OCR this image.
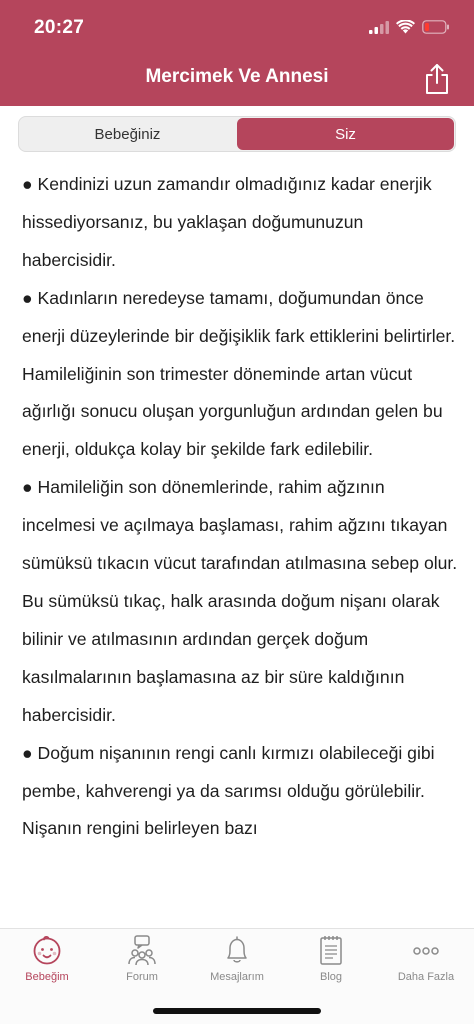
20:27
Mercimek Ve Annesi
Bebeğiniz	Siz

● Kendinizi uzun zamandır olmadığınız kadar enerjik hissediyorsanız, bu yaklaşan doğumunuzun habercisidir.

● Kadınların neredeyse tamamı, doğumundan önce enerji düzeylerinde bir değişiklik fark ettiklerini belirtirler. Hamileliğinin son trimester döneminde artan vücut ağırlığı sonucu oluşan yorgunluğun ardından gelen bu enerji, oldukça kolay bir şekilde fark edilebilir.

● Hamileliğin son dönemlerinde, rahim ağzının incelmesi ve açılmaya başlaması, rahim ağzını tıkayan sümüksü tıkacın vücut tarafından atılmasına sebep olur. Bu sümüksü tıkaç, halk arasında doğum nişanı olarak bilinir ve atılmasının ardından gerçek doğum kasılmalarının başlamasına az bir süre kaldığının habercisidir.

● Doğum nişanının rengi canlı kırmızı olabileceği gibi pembe, kahverengi ya da sarımsı olduğu görülebilir. Nişanın rengini belirleyen bazı

Bebeğim	Forum	Mesajlarım	Blog	Daha Fazla
